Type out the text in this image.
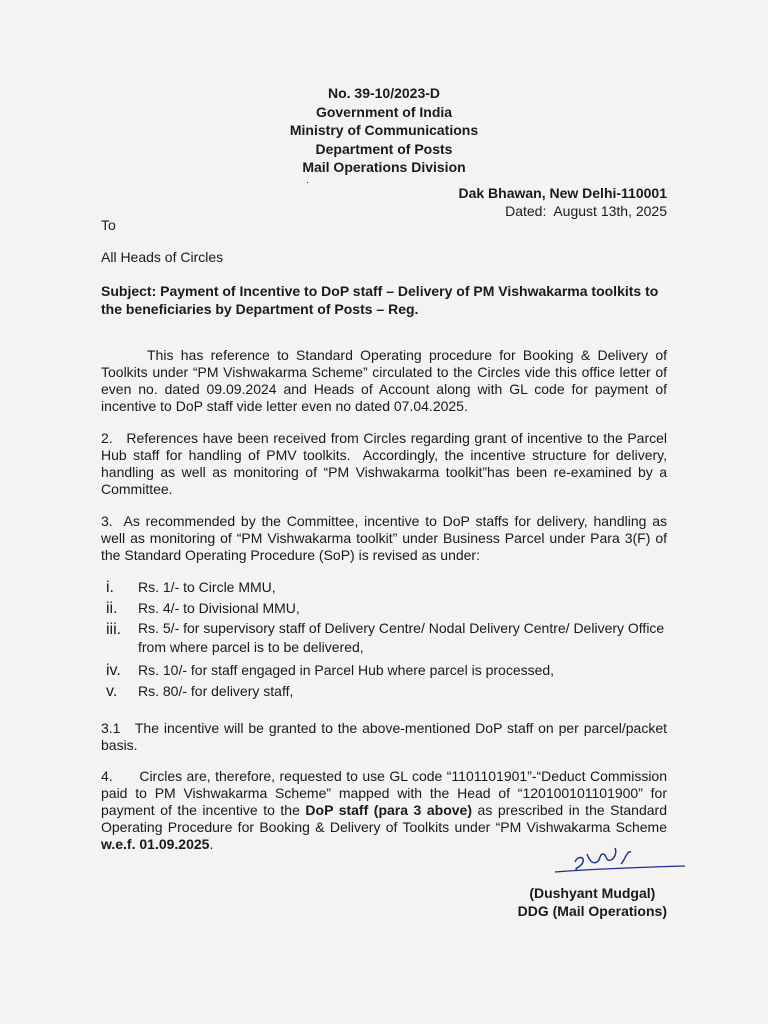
No. 39-10/2023-D
Government of India
Ministry of Communications
Department of Posts
Mail Operations Division
.
Dak Bhawan, New Delhi-110001
Dated:  August 13th, 2025
To
All Heads of Circles
Subject: Payment of Incentive to DoP staff – Delivery of PM Vishwakarma toolkits to the beneficiaries by Department of Posts – Reg.
This has reference to Standard Operating procedure for Booking & Delivery of Toolkits under “PM Vishwakarma Scheme” circulated to the Circles vide this office letter of even no. dated 09.09.2024 and Heads of Account along with GL code for payment of incentive to DoP staff vide letter even no dated 07.04.2025.
2.   References have been received from Circles regarding grant of incentive to the Parcel Hub staff for handling of PMV toolkits.  Accordingly, the incentive structure for delivery, handling as well as monitoring of “PM Vishwakarma toolkit”has been re-examined by a Committee.
3.  As recommended by the Committee, incentive to DoP staffs for delivery, handling as well as monitoring of “PM Vishwakarma toolkit” under Business Parcel under Para 3(F) of the Standard Operating Procedure (SoP) is revised as under:
i.	Rs. 1/- to Circle MMU,
ii.	Rs. 4/- to Divisional MMU,
iii.	Rs. 5/- for supervisory staff of Delivery Centre/ Nodal Delivery Centre/ Delivery Office from where parcel is to be delivered,
iv.	Rs. 10/- for staff engaged in Parcel Hub where parcel is processed,
v.	Rs. 80/- for delivery staff,
3.1   The incentive will be granted to the above-mentioned DoP staff on per parcel/packet basis.
4.      Circles are, therefore, requested to use GL code “1101101901”-“Deduct Commission paid to PM Vishwakarma Scheme” mapped with the Head of “120100101101900” for payment of the incentive to the DoP staff (para 3 above) as prescribed in the Standard Operating Procedure for Booking & Delivery of Toolkits under “PM Vishwakarma Scheme w.e.f. 01.09.2025.
(Dushyant Mudgal)
DDG (Mail Operations)
